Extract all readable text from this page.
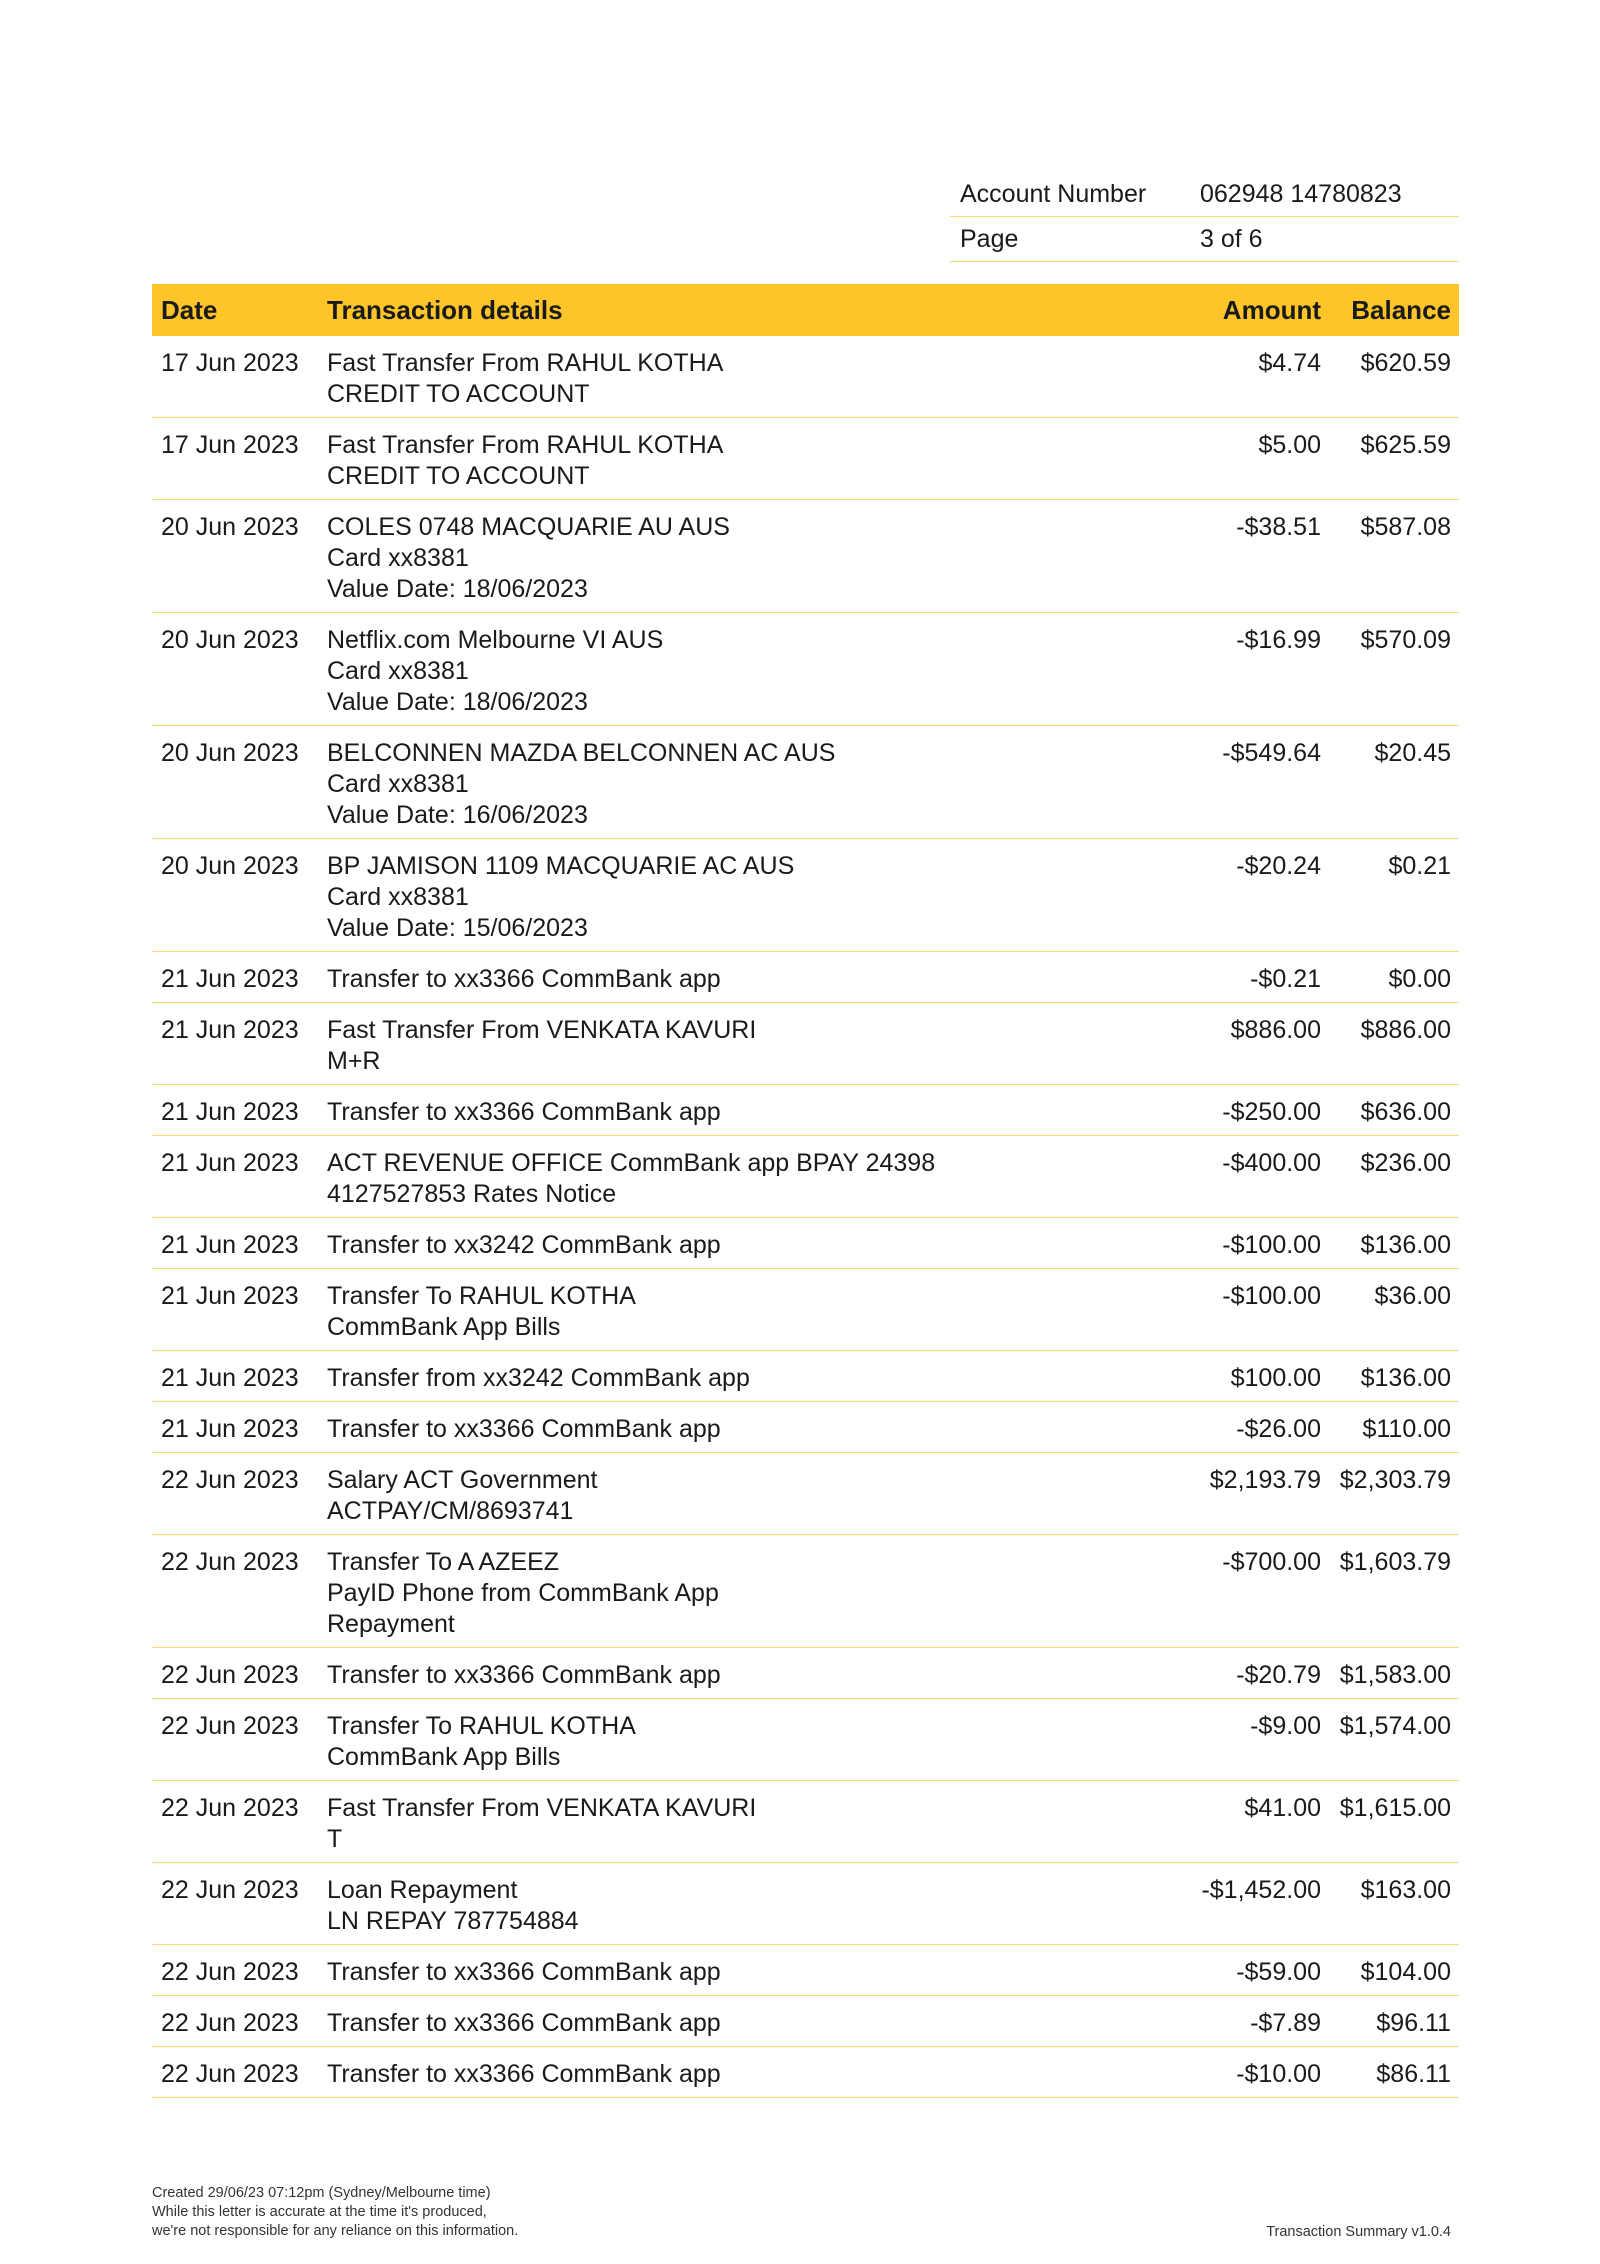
Account Number	062948 14780823
Page	3 of 6
Date	Transaction details	Amount	Balance
17 Jun 2023	Fast Transfer From RAHUL KOTHA
CREDIT TO ACCOUNT
$4.74	$620.59
17 Jun 2023	Fast Transfer From RAHUL KOTHA
CREDIT TO ACCOUNT
$5.00	$625.59
20 Jun 2023	COLES 0748 MACQUARIE AU AUS
Card xx8381
Value Date: 18/06/2023
-$38.51	$587.08
20 Jun 2023	Netflix.com Melbourne VI AUS
Card xx8381
Value Date: 18/06/2023
-$16.99	$570.09
20 Jun 2023	BELCONNEN MAZDA BELCONNEN AC AUS
Card xx8381
Value Date: 16/06/2023
-$549.64	$20.45
20 Jun 2023	BP JAMISON 1109 MACQUARIE AC AUS
Card xx8381
Value Date: 15/06/2023
-$20.24	$0.21
21 Jun 2023	Transfer to xx3366 CommBank app	-$0.21	$0.00
21 Jun 2023	Fast Transfer From VENKATA KAVURI
M+R
$886.00	$886.00
21 Jun 2023	Transfer to xx3366 CommBank app	-$250.00	$636.00
21 Jun 2023	ACT REVENUE OFFICE CommBank app BPAY 24398
4127527853 Rates Notice
-$400.00	$236.00
21 Jun 2023	Transfer to xx3242 CommBank app	-$100.00	$136.00
21 Jun 2023	Transfer To RAHUL KOTHA
CommBank App Bills
-$100.00	$36.00
21 Jun 2023	Transfer from xx3242 CommBank app	$100.00	$136.00
21 Jun 2023	Transfer to xx3366 CommBank app	-$26.00	$110.00
22 Jun 2023	Salary ACT Government
ACTPAY/CM/8693741
$2,193.79 $2,303.79
22 Jun 2023	Transfer To A AZEEZ
PayID Phone from CommBank App
Repayment
-$700.00 $1,603.79
22 Jun 2023	Transfer to xx3366 CommBank app	-$20.79 $1,583.00
22 Jun 2023	Transfer To RAHUL KOTHA
CommBank App Bills
-$9.00 $1,574.00
22 Jun 2023	Fast Transfer From VENKATA KAVURI
T
$41.00 $1,615.00
22 Jun 2023	Loan Repayment
LN REPAY 787754884
-$1,452.00	$163.00
22 Jun 2023	Transfer to xx3366 CommBank app	-$59.00	$104.00
22 Jun 2023	Transfer to xx3366 CommBank app	-$7.89	$96.11
22 Jun 2023	Transfer to xx3366 CommBank app	-$10.00	$86.11
Created 29/06/23 07:12pm (Sydney/Melbourne time)
While this letter is accurate at the time it's produced,
we're not responsible for any reliance on this information.	Transaction Summary v1.0.4
